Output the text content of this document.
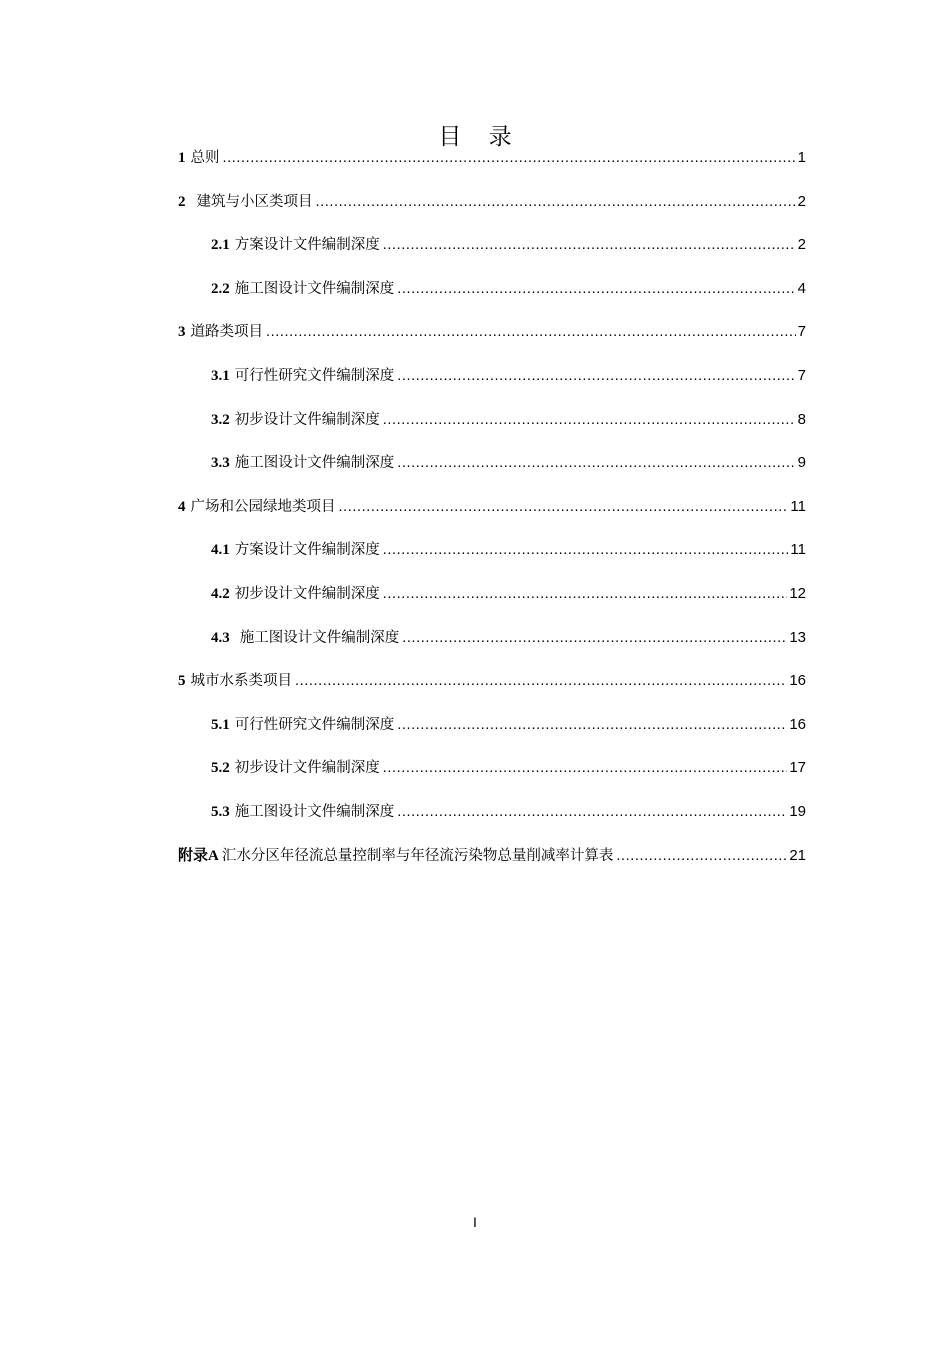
目 录
1 总则 .....	1
2 建筑与小区类项目 .....	2
2.1 方案设计文件编制深度 .....	2
2.2 施工图设计文件编制深度 .....	4
3 道路类项目 .....	7
3.1 可行性研究文件编制深度 .....	7
3.2 初步设计文件编制深度 .....	8
3.3 施工图设计文件编制深度 .....	9
4 广场和公园绿地类项目 .....	11
4.1 方案设计文件编制深度 .....	11
4.2 初步设计文件编制深度 .....	12
4.3 施工图设计文件编制深度 .....	13
5 城市水系类项目 .....	16
5.1 可行性研究文件编制深度 .....	16
5.2 初步设计文件编制深度 .....	17
5.3 施工图设计文件编制深度 .....	19
附录A 汇水分区年径流总量控制率与年径流污染物总量削减率计算表 .....	21
I
